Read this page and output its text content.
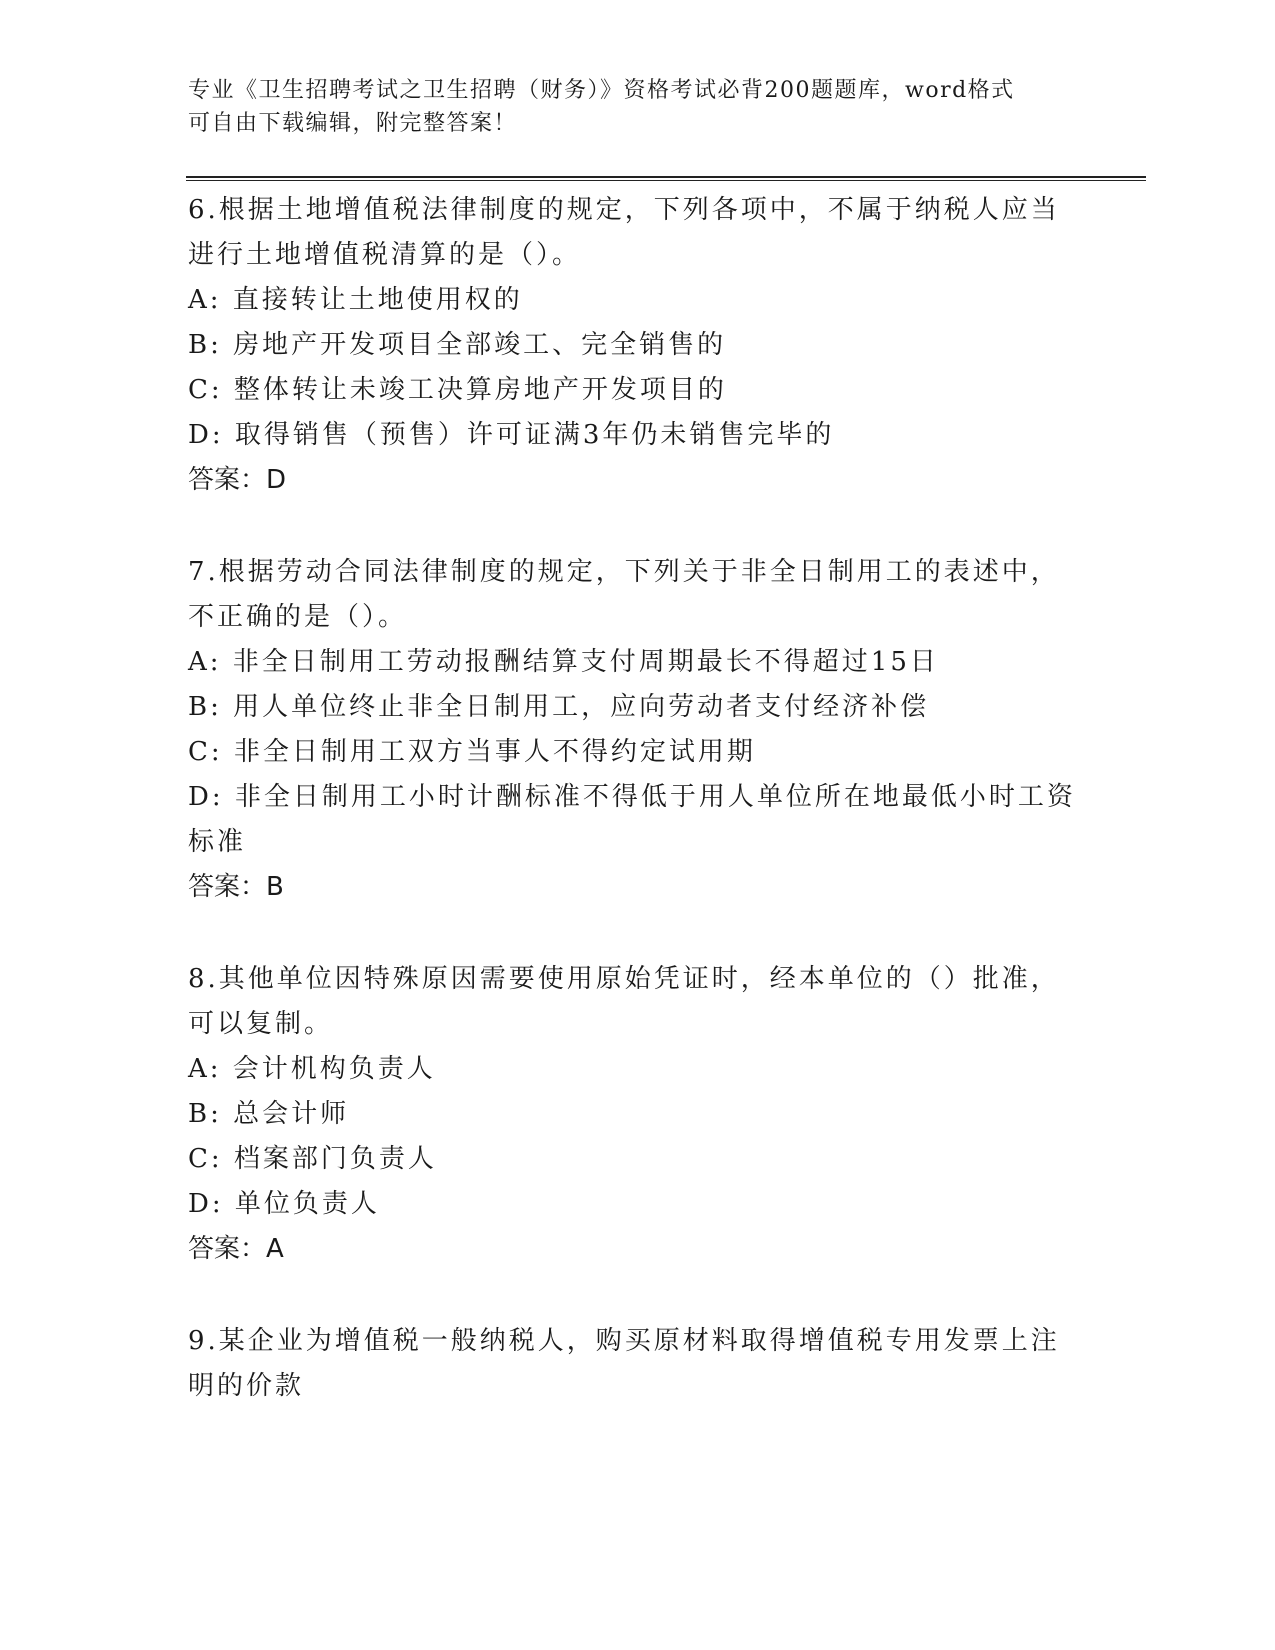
专业《卫生招聘考试之卫生招聘（财务）》资格考试必背200题题库，word格式
可自由下载编辑，附完整答案！

6.根据土地增值税法律制度的规定，下列各项中，不属于纳税人应当

进行土地增值税清算的是（）。

A: 直接转让土地使用权的

B: 房地产开发项目全部竣工、完全销售的

C: 整体转让未竣工决算房地产开发项目的

D: 取得销售（预售）许可证满3年仍未销售完毕的

答案：D

7.根据劳动合同法律制度的规定，下列关于非全日制用工的表述中，

不正确的是（）。

A: 非全日制用工劳动报酬结算支付周期最长不得超过15日

B: 用人单位终止非全日制用工，应向劳动者支付经济补偿

C: 非全日制用工双方当事人不得约定试用期

D: 非全日制用工小时计酬标准不得低于用人单位所在地最低小时工资

标准

答案：B

8.其他单位因特殊原因需要使用原始凭证时，经本单位的（）批准，

可以复制。

A: 会计机构负责人

B: 总会计师

C: 档案部门负责人

D: 单位负责人

答案：A

9.某企业为增值税一般纳税人，购买原材料取得增值税专用发票上注

明的价款
